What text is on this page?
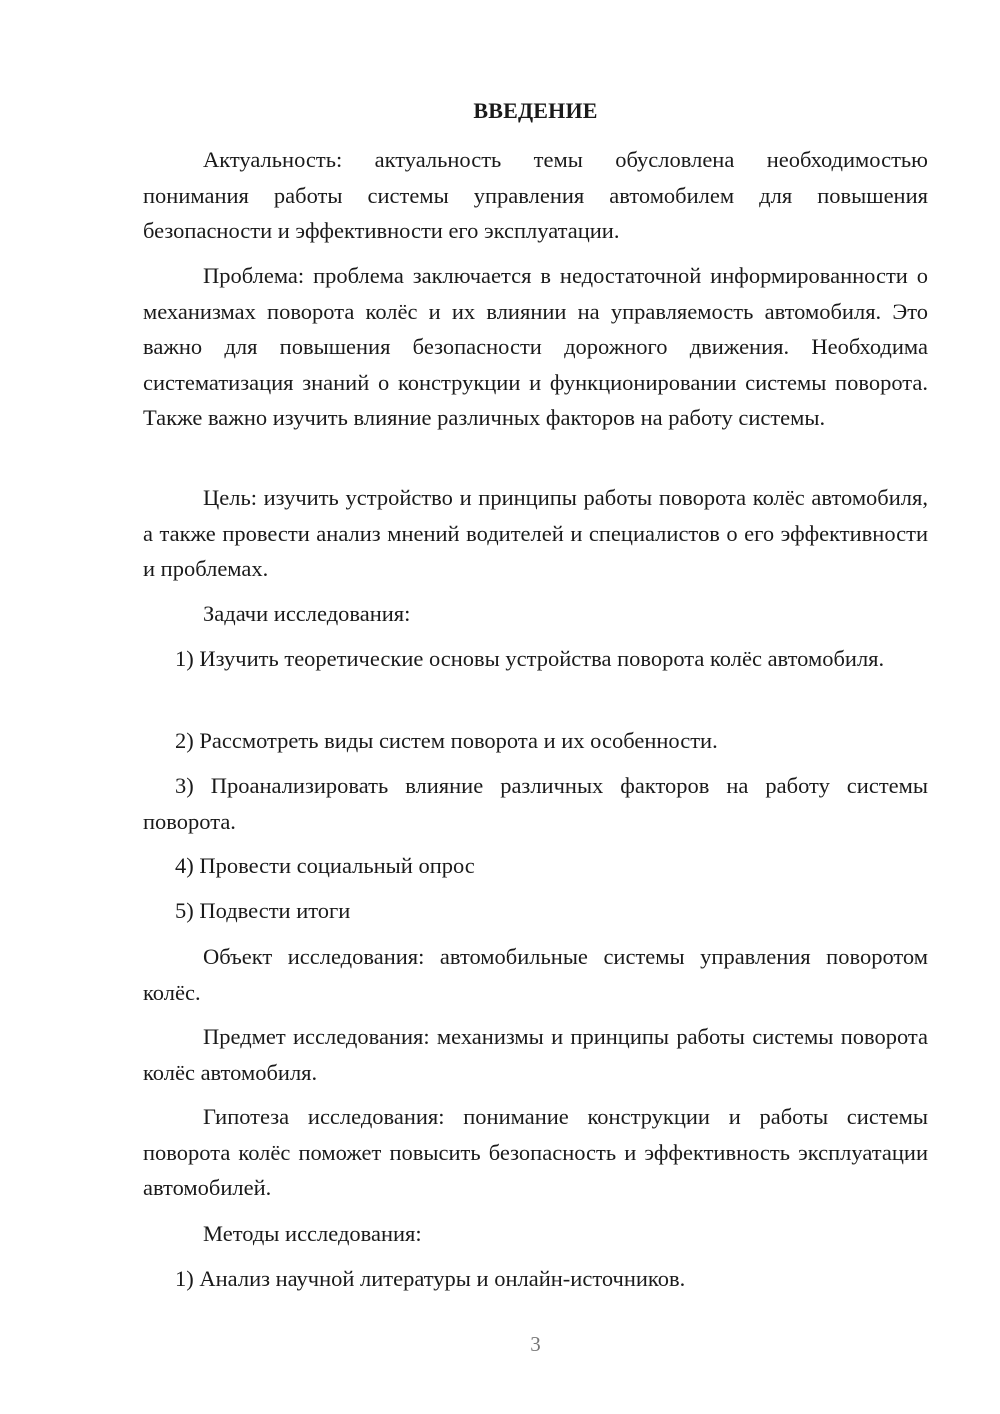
ВВЕДЕНИЕ

Актуальность: актуальность темы обусловлена необходимостью понимания работы системы управления автомобилем для повышения безопасности и эффективности его эксплуатации.

Проблема: проблема заключается в недостаточной информированности о механизмах поворота колёс и их влиянии на управляемость автомобиля. Это важно для повышения безопасности дорожного движения. Необходима систематизация знаний о конструкции и функционировании системы поворота. Также важно изучить влияние различных факторов на работу системы.

Цель: изучить устройство и принципы работы поворота колёс автомобиля, а также провести анализ мнений водителей и специалистов о его эффективности и проблемах.

Задачи исследования:

1) Изучить теоретические основы устройства поворота колёс автомобиля.

2) Рассмотреть виды систем поворота и их особенности.

3) Проанализировать влияние различных факторов на работу системы поворота.

4) Провести социальный опрос

5) Подвести итоги

Объект исследования: автомобильные системы управления поворотом колёс.

Предмет исследования: механизмы и принципы работы системы поворота колёс автомобиля.

Гипотеза исследования: понимание конструкции и работы системы поворота колёс поможет повысить безопасность и эффективность эксплуатации автомобилей.

Методы исследования:

1) Анализ научной литературы и онлайн-источников.

3
